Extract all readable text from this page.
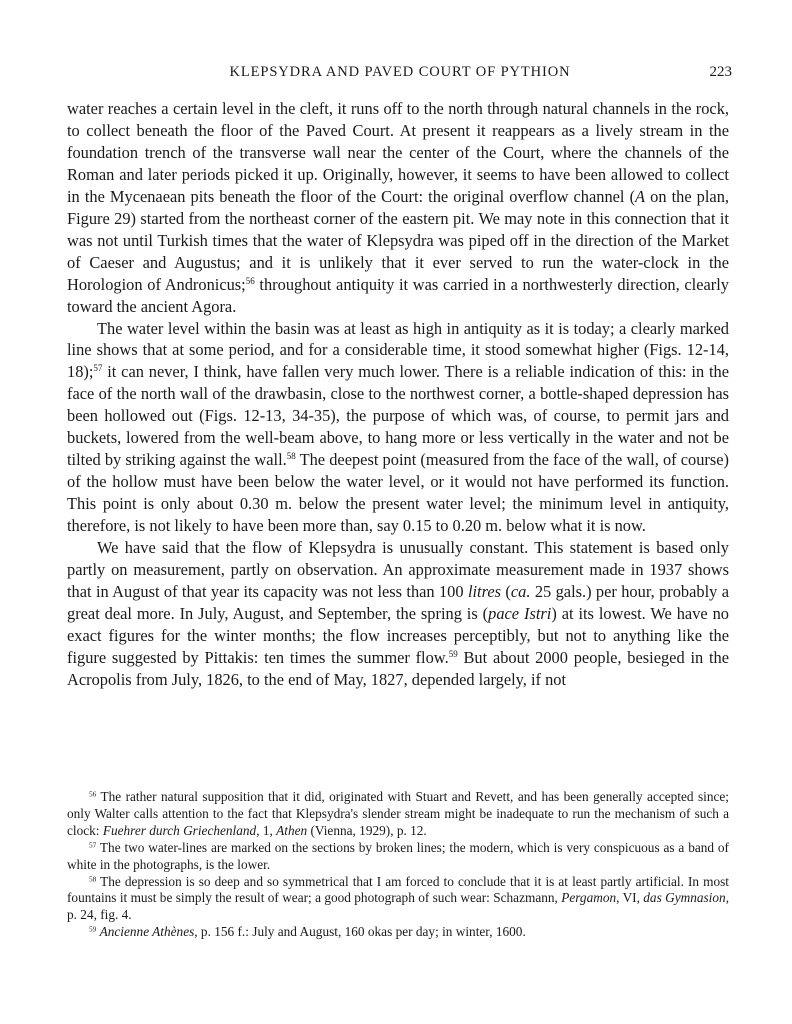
KLEPSYDRA AND PAVED COURT OF PYTHION	223

water reaches a certain level in the cleft, it runs off to the north through natural channels in the rock, to collect beneath the floor of the Paved Court. At present it reappears as a lively stream in the foundation trench of the transverse wall near the center of the Court, where the channels of the Roman and later periods picked it up. Originally, however, it seems to have been allowed to collect in the Mycenaean pits beneath the floor of the Court: the original overflow channel (A on the plan, Figure 29) started from the northeast corner of the eastern pit. We may note in this connection that it was not until Turkish times that the water of Klepsydra was piped off in the direction of the Market of Caeser and Augustus; and it is unlikely that it ever served to run the water-clock in the Horologion of Andronicus;$^{56}$ throughout antiquity it was carried in a northwesterly direction, clearly toward the ancient Agora.

The water level within the basin was at least as high in antiquity as it is today; a clearly marked line shows that at some period, and for a considerable time, it stood somewhat higher (Figs. 12-14, 18);$^{57}$ it can never, I think, have fallen very much lower. There is a reliable indication of this: in the face of the north wall of the drawbasin, close to the northwest corner, a bottle-shaped depression has been hollowed out (Figs. 12-13, 34-35), the purpose of which was, of course, to permit jars and buckets, lowered from the well-beam above, to hang more or less vertically in the water and not be tilted by striking against the wall.$^{58}$ The deepest point (measured from the face of the wall, of course) of the hollow must have been below the water level, or it would not have performed its function. This point is only about 0.30 m. below the present water level; the minimum level in antiquity, therefore, is not likely to have been more than, say 0.15 to 0.20 m. below what it is now.

We have said that the flow of Klepsydra is unusually constant. This statement is based only partly on measurement, partly on observation. An approximate measurement made in 1937 shows that in August of that year its capacity was not less than 100 litres (ca. 25 gals.) per hour, probably a great deal more. In July, August, and September, the spring is (pace Istri) at its lowest. We have no exact figures for the winter months; the flow increases perceptibly, but not to anything like the figure suggested by Pittakis: ten times the summer flow.$^{59}$ But about 2000 people, besieged in the Acropolis from July, 1826, to the end of May, 1827, depended largely, if not

$^{56}$ The rather natural supposition that it did, originated with Stuart and Revett, and has been generally accepted since; only Walter calls attention to the fact that Klepsydra's slender stream might be inadequate to run the mechanism of such a clock: Fuehrer durch Griechenland, 1, Athen (Vienna, 1929), p. 12.

$^{57}$ The two water-lines are marked on the sections by broken lines; the modern, which is very conspicuous as a band of white in the photographs, is the lower.

$^{58}$ The depression is so deep and so symmetrical that I am forced to conclude that it is at least partly artificial. In most fountains it must be simply the result of wear; a good photograph of such wear: Schazmann, Pergamon, VI, das Gymnasion, p. 24, fig. 4.

$^{59}$ Ancienne Athènes, p. 156 f.: July and August, 160 okas per day; in winter, 1600.
